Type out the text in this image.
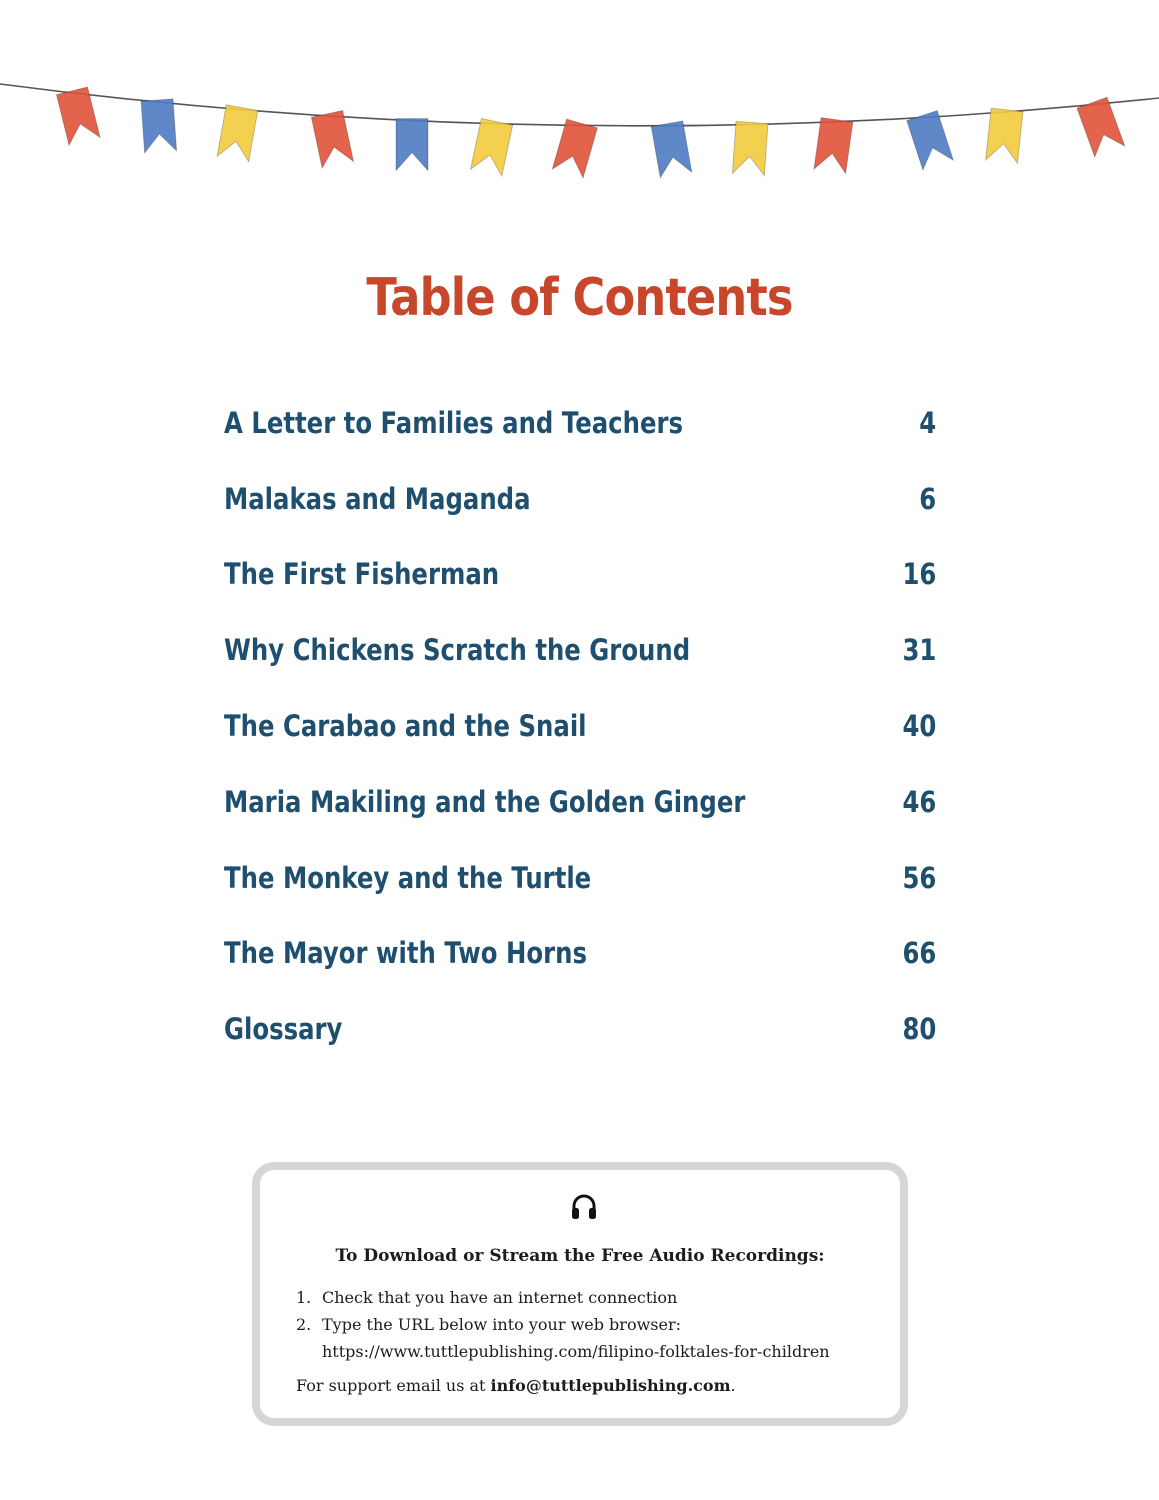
Table of Contents
A Letter to Families and Teachers	4
Malakas and Maganda	6
The First Fisherman	16
Why Chickens Scratch the Ground	31
The Carabao and the Snail	40
Maria Makiling and the Golden Ginger	46
The Monkey and the Turtle	56
The Mayor with Two Horns	66
Glossary	80

To Download or Stream the Free Audio Recordings:

1. Check that you have an internet connection
2. Type the URL below into your web browser:
https://www.tuttlepublishing.com/filipino-folktales-for-children

For support email us at info@tuttlepublishing.com.
